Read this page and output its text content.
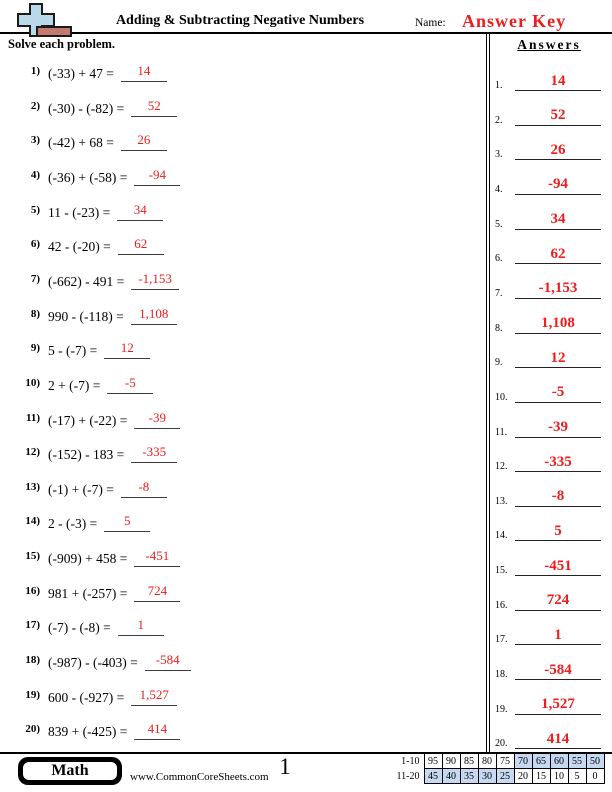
Adding & Subtracting Negative Numbers	Name: Answer Key
Solve each problem.
1) (-33) + 47 =	14
2) (-30) - (-82) =	52
3) (-42) + 68 =	26
4) (-36) + (-58) =	-94
5) 11 - (-23) =	34
6) 42 - (-20) =	62
7) (-662) - 491 =	-1,153
8) 990 - (-118) =	1,108
9) 5 - (-7) =	12
10) 2 + (-7) =	-5
11) (-17) + (-22) =	-39
12) (-152) - 183 =	-335
13) (-1) + (-7) =	-8
14) 2 - (-3) =	5
15) (-909) + 458 =	-451
16) 981 + (-257) =	724
17) (-7) - (-8) =	1
18) (-987) - (-403) =	-584
19) 600 - (-927) =	1,527
20) 839 + (-425) =	414
Answers
1.	14
2.	52
3.	26
4.	-94
5.	34
6.	62
7.	-1,153
8.	1,108
9.	12
10.	-5
11.	-39
12.	-335
13.	-8
14.	5
15.	-451
16.	724
17.	1
18.	-584
19.	1,527
20.	414
Math	www.CommonCoreSheets.com 1	1-10	95	90	85	80	75	70	65	60	55	50
11-20	45	40	35	30	25	20	15	10	5	0
